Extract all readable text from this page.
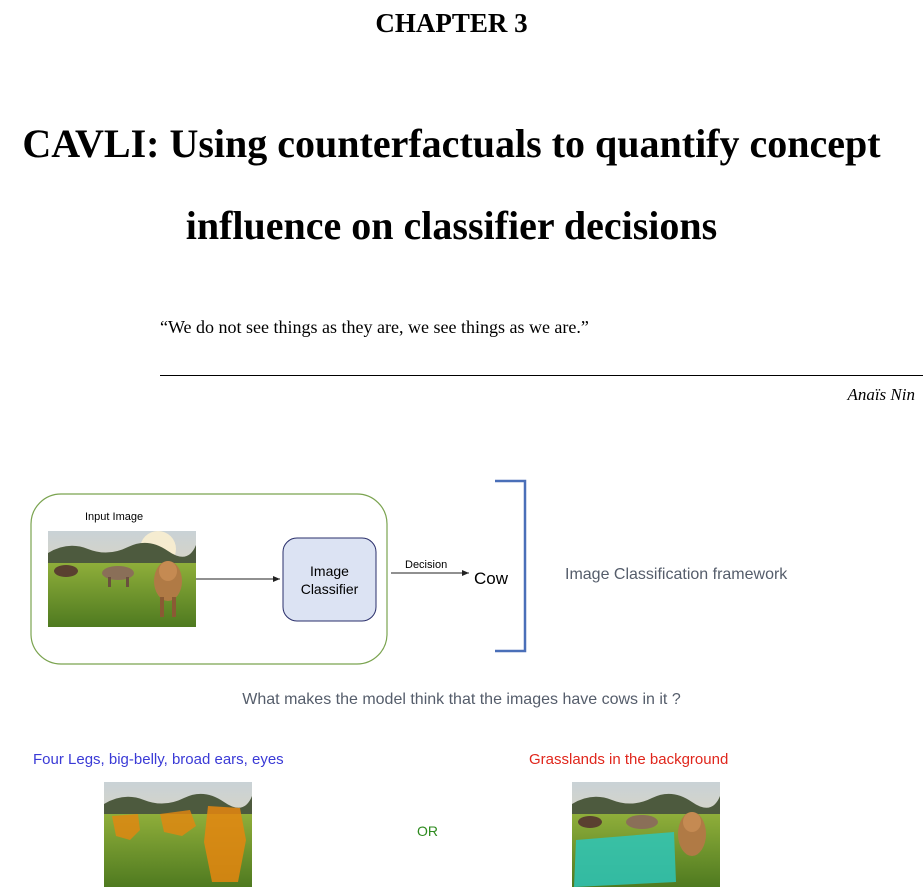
CHAPTER 3
CAVLI: Using counterfactuals to quantify concept
influence on classifier decisions
“We do not see things as they are, we see things as we are.”
Anaïs Nin
Input Image
Image
Classifier
Decision
Cow	Image Classification framework
What makes the model think that the images have cows in it ?
Four Legs, big-belly, broad ears, eyes	Grasslands in the background
OR
